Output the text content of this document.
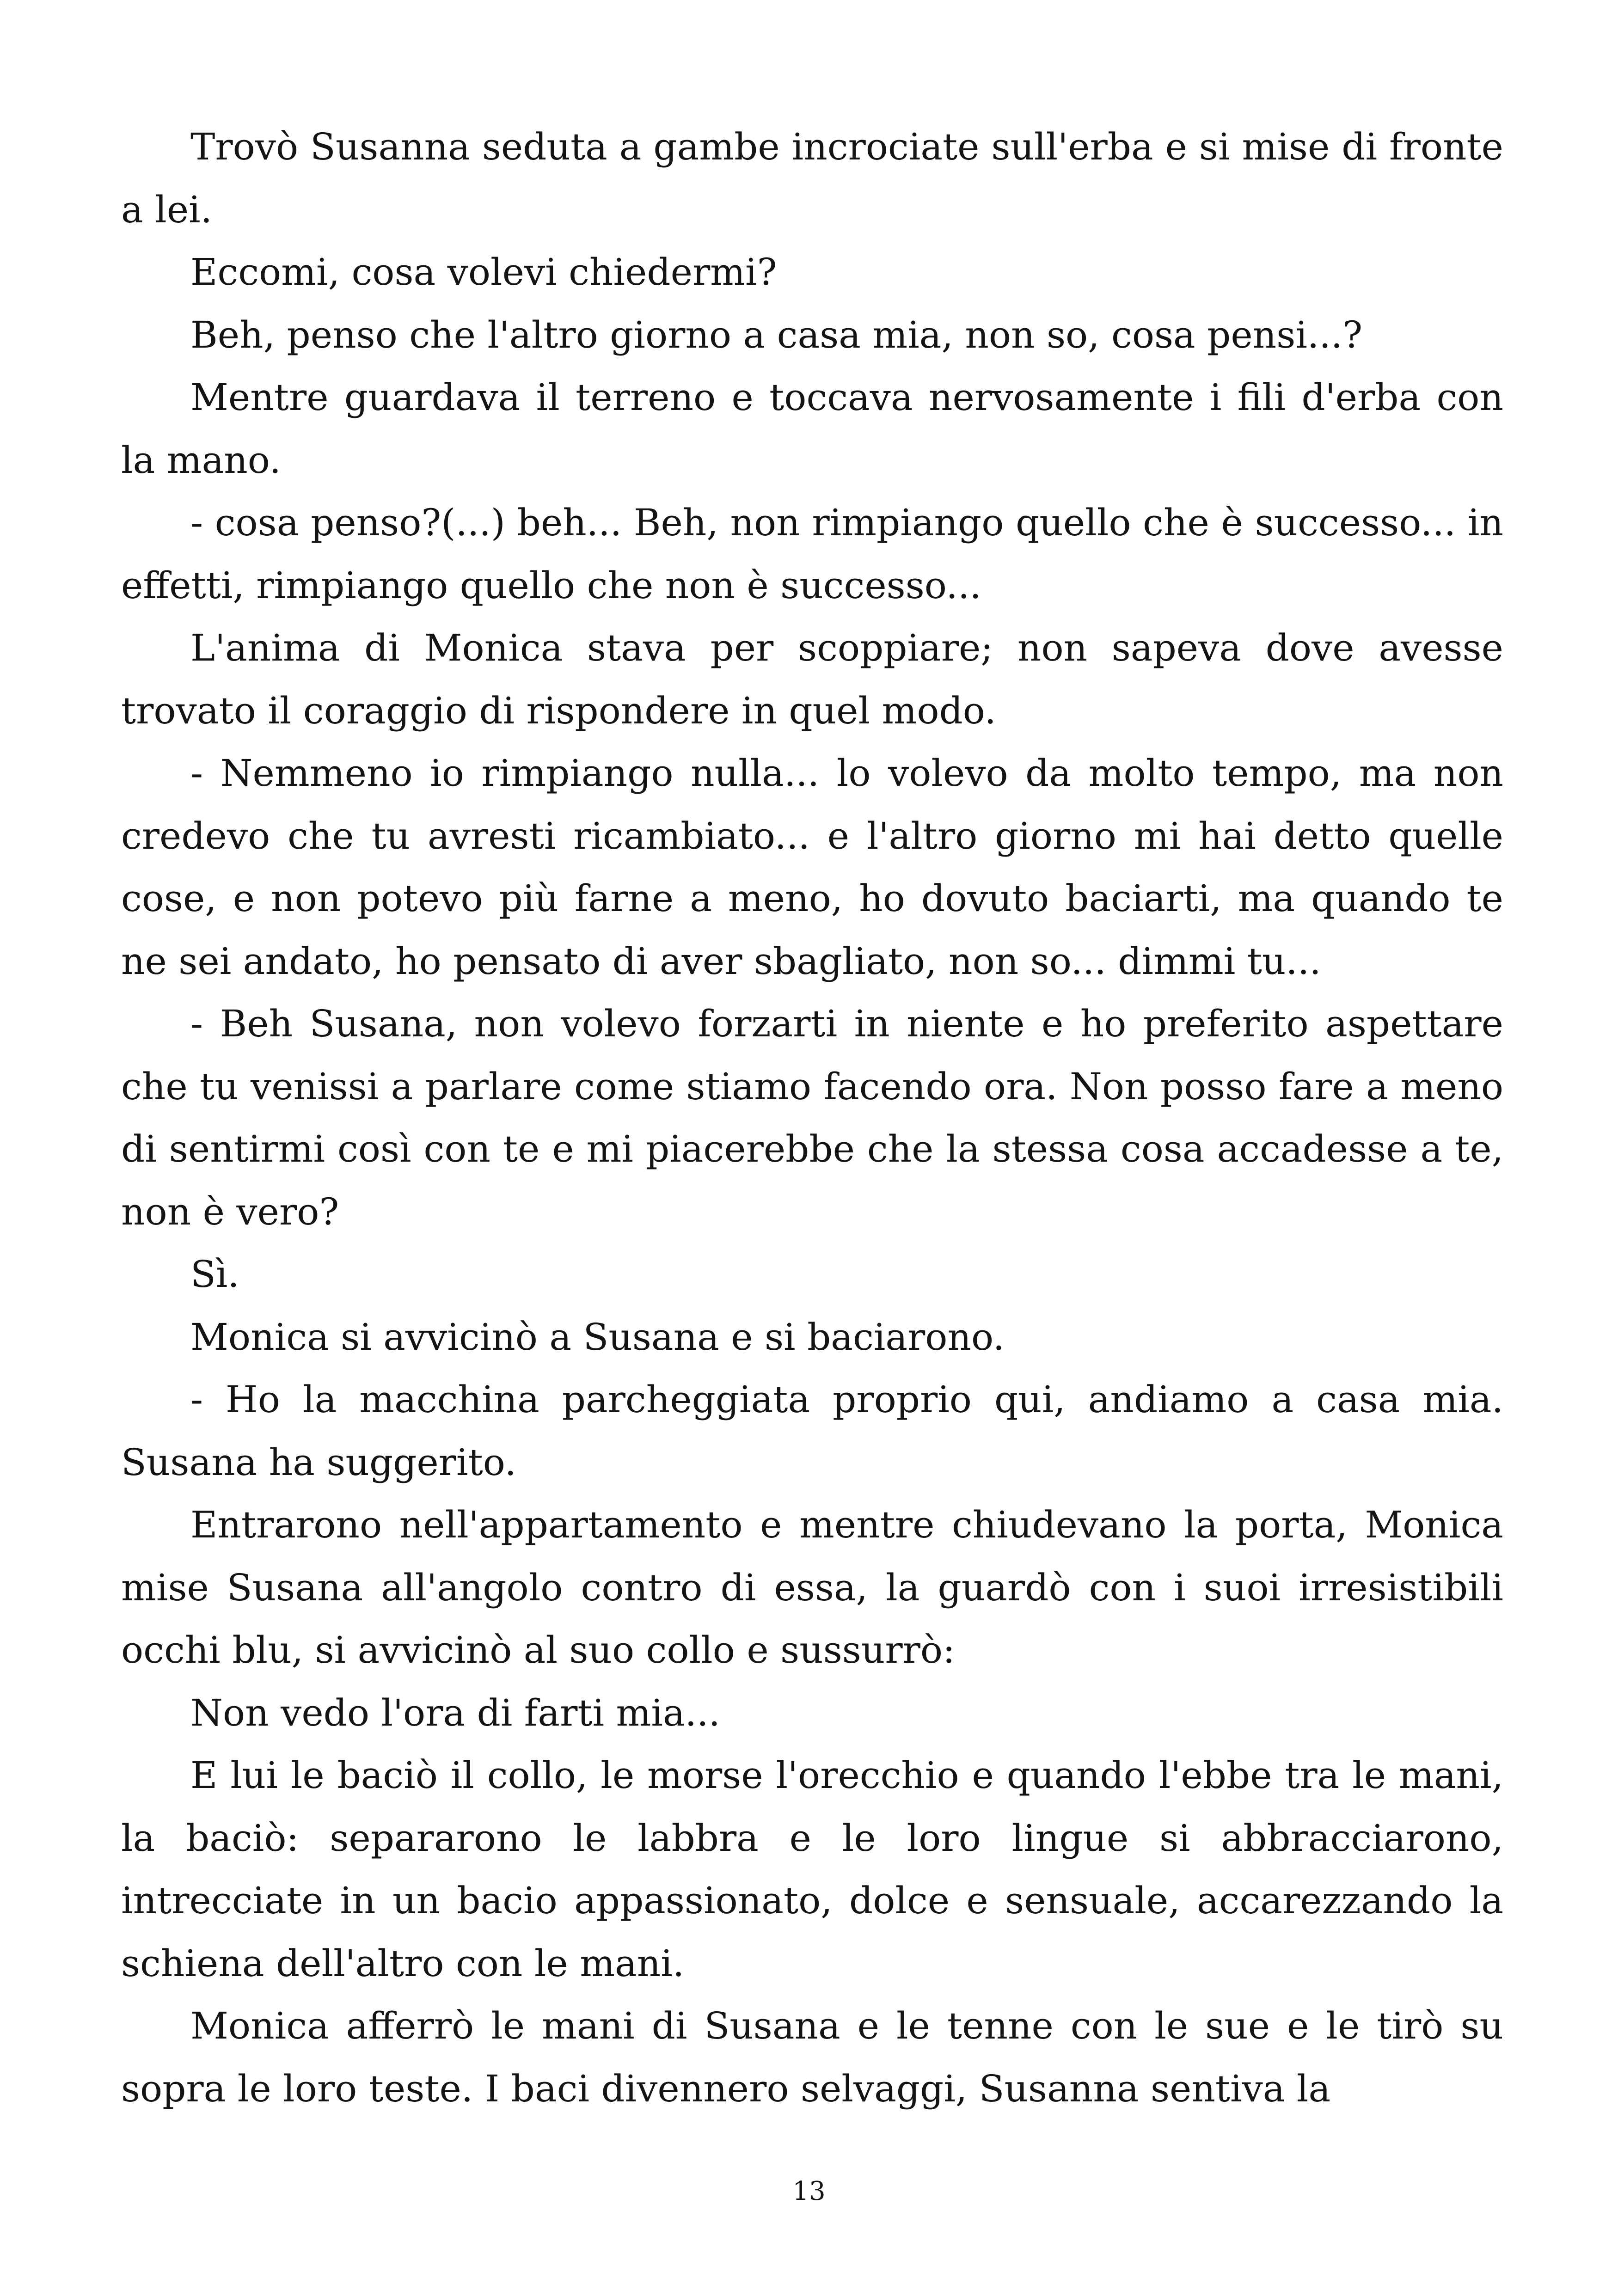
Trovò Susanna seduta a gambe incrociate sull'erba e si mise di fronte a lei.

Eccomi, cosa volevi chiedermi?

Beh, penso che l'altro giorno a casa mia, non so, cosa pensi...?

Mentre guardava il terreno e toccava nervosamente i fili d'erba con la mano.

- cosa penso?(...) beh... Beh, non rimpiango quello che è successo... in effetti, rimpiango quello che non è successo...

L'anima di Monica stava per scoppiare; non sapeva dove avesse trovato il coraggio di rispondere in quel modo.

- Nemmeno io rimpiango nulla... lo volevo da molto tempo, ma non credevo che tu avresti ricambiato... e l'altro giorno mi hai detto quelle cose, e non potevo più farne a meno, ho dovuto baciarti, ma quando te ne sei andato, ho pensato di aver sbagliato, non so... dimmi tu...

- Beh Susana, non volevo forzarti in niente e ho preferito aspettare che tu venissi a parlare come stiamo facendo ora. Non posso fare a meno di sentirmi così con te e mi piacerebbe che la stessa cosa accadesse a te, non è vero?

Sì.

Monica si avvicinò a Susana e si baciarono.

- Ho la macchina parcheggiata proprio qui, andiamo a casa mia. Susana ha suggerito.

Entrarono nell'appartamento e mentre chiudevano la porta, Monica mise Susana all'angolo contro di essa, la guardò con i suoi irresistibili occhi blu, si avvicinò al suo collo e sussurrò:

Non vedo l'ora di farti mia...

E lui le baciò il collo, le morse l'orecchio e quando l'ebbe tra le mani, la baciò: separarono le labbra e le loro lingue si abbracciarono, intrecciate in un bacio appassionato, dolce e sensuale, accarezzando la schiena dell'altro con le mani.

Monica afferrò le mani di Susana e le tenne con le sue e le tirò su sopra le loro teste. I baci divennero selvaggi, Susanna sentiva la

13
